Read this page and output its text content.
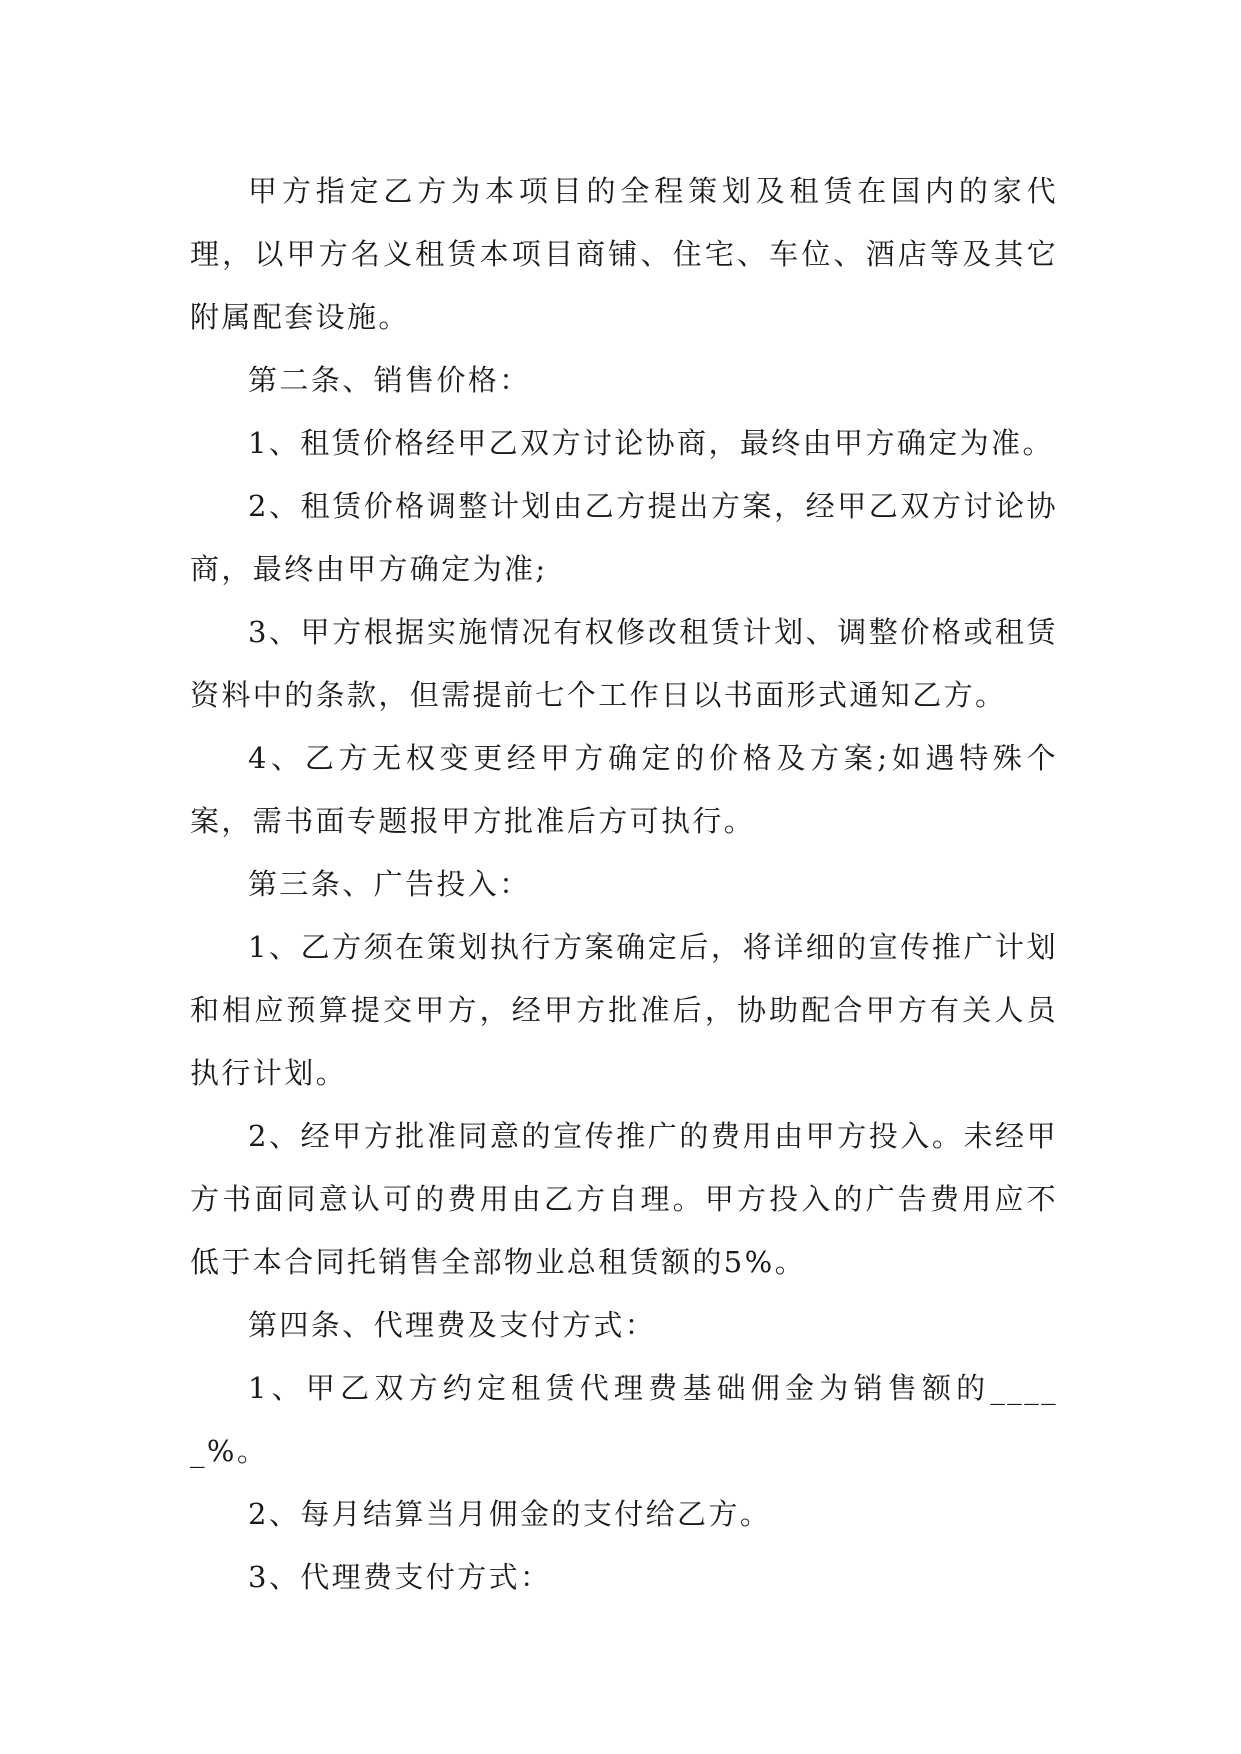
甲方指定乙方为本项目的全程策划及租赁在国内的家代理，以甲方名义租赁本项目商铺、住宅、车位、酒店等及其它附属配套设施。

第二条、销售价格：

1、租赁价格经甲乙双方讨论协商，最终由甲方确定为准。

2、租赁价格调整计划由乙方提出方案，经甲乙双方讨论协商，最终由甲方确定为准;

3、甲方根据实施情况有权修改租赁计划、调整价格或租赁资料中的条款，但需提前七个工作日以书面形式通知乙方。

4、乙方无权变更经甲方确定的价格及方案;如遇特殊个案，需书面专题报甲方批准后方可执行。

第三条、广告投入：

1、乙方须在策划执行方案确定后，将详细的宣传推广计划和相应预算提交甲方，经甲方批准后，协助配合甲方有关人员执行计划。

2、经甲方批准同意的宣传推广的费用由甲方投入。未经甲方书面同意认可的费用由乙方自理。甲方投入的广告费用应不低于本合同托销售全部物业总租赁额的5%。

第四条、代理费及支付方式：

1、甲乙双方约定租赁代理费基础佣金为销售额的_____%。

2、每月结算当月佣金的支付给乙方。

3、代理费支付方式：
